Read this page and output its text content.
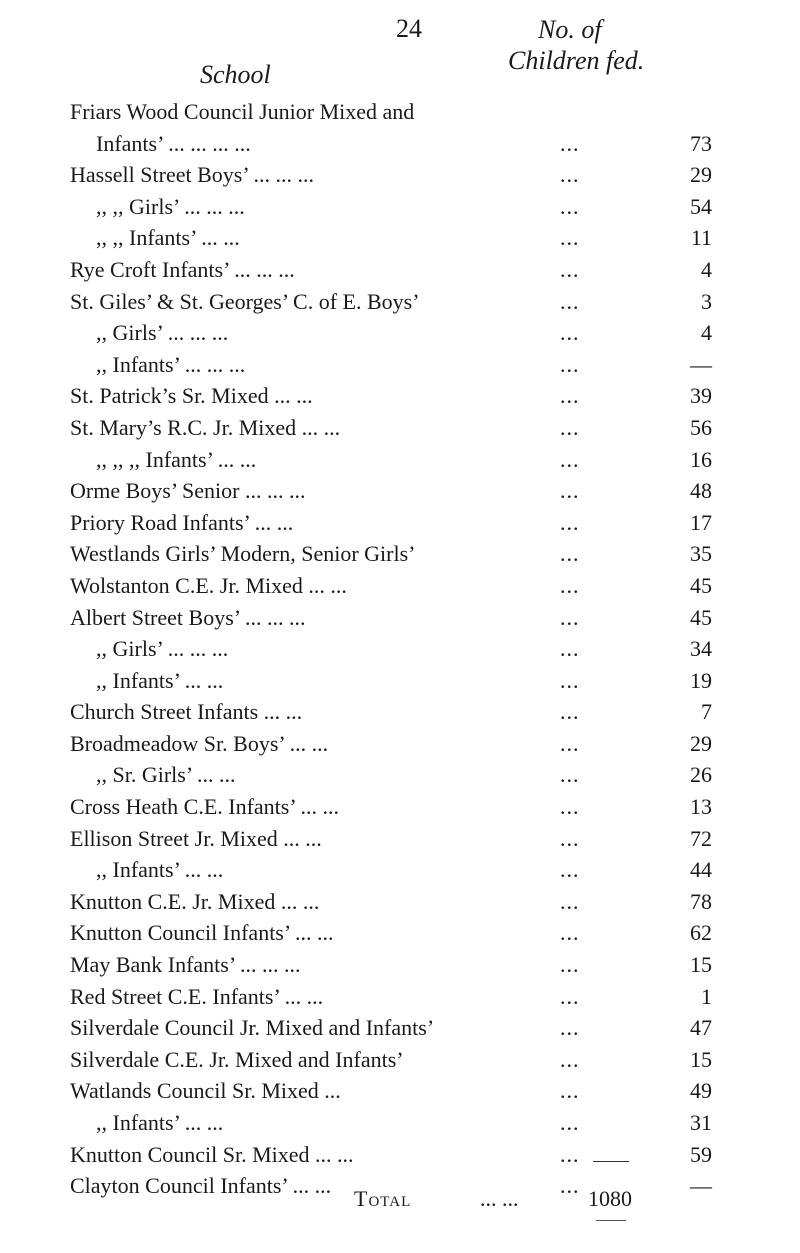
24
School
No. of
Children fed.
Friars Wood Council Junior Mixed and
Infants’ ... ... ... ...	...	73
Hassell Street Boys’ ... ... ...	...	29
,, ,, Girls’ ... ... ...	...	54
,, ,, Infants’ ... ...	...	11
Rye Croft Infants’ ... ... ...	...	4
St. Giles’ & St. Georges’ C. of E. Boys’	...	3
,, Girls’ ... ... ...	...	4
,, Infants’ ... ... ...	...	—
St. Patrick’s Sr. Mixed ... ...	...	39
St. Mary’s R.C. Jr. Mixed ... ...	...	56
,, ,, ,, Infants’ ... ...	...	16
Orme Boys’ Senior ... ... ...	...	48
Priory Road Infants’ ... ...	...	17
Westlands Girls’ Modern, Senior Girls’	...	35
Wolstanton C.E. Jr. Mixed ... ...	...	45
Albert Street Boys’ ... ... ...	...	45
,, Girls’ ... ... ...	...	34
,, Infants’ ... ...	...	19
Church Street Infants ... ...	...	7
Broadmeadow Sr. Boys’ ... ...	...	29
,, Sr. Girls’ ... ...	...	26
Cross Heath C.E. Infants’ ... ...	...	13
Ellison Street Jr. Mixed ... ...	...	72
,, Infants’ ... ...	...	44
Knutton C.E. Jr. Mixed ... ...	...	78
Knutton Council Infants’ ... ...	...	62
May Bank Infants’ ... ... ...	...	15
Red Street C.E. Infants’ ... ...	...	1
Silverdale Council Jr. Mixed and Infants’	...	47
Silverdale C.E. Jr. Mixed and Infants’	...	15
Watlands Council Sr. Mixed ...	...	49
,, Infants’ ... ...	...	31
Knutton Council Sr. Mixed ... ...	...	59
Clayton Council Infants’ ... ...	...	—
Total	... ...	1080
